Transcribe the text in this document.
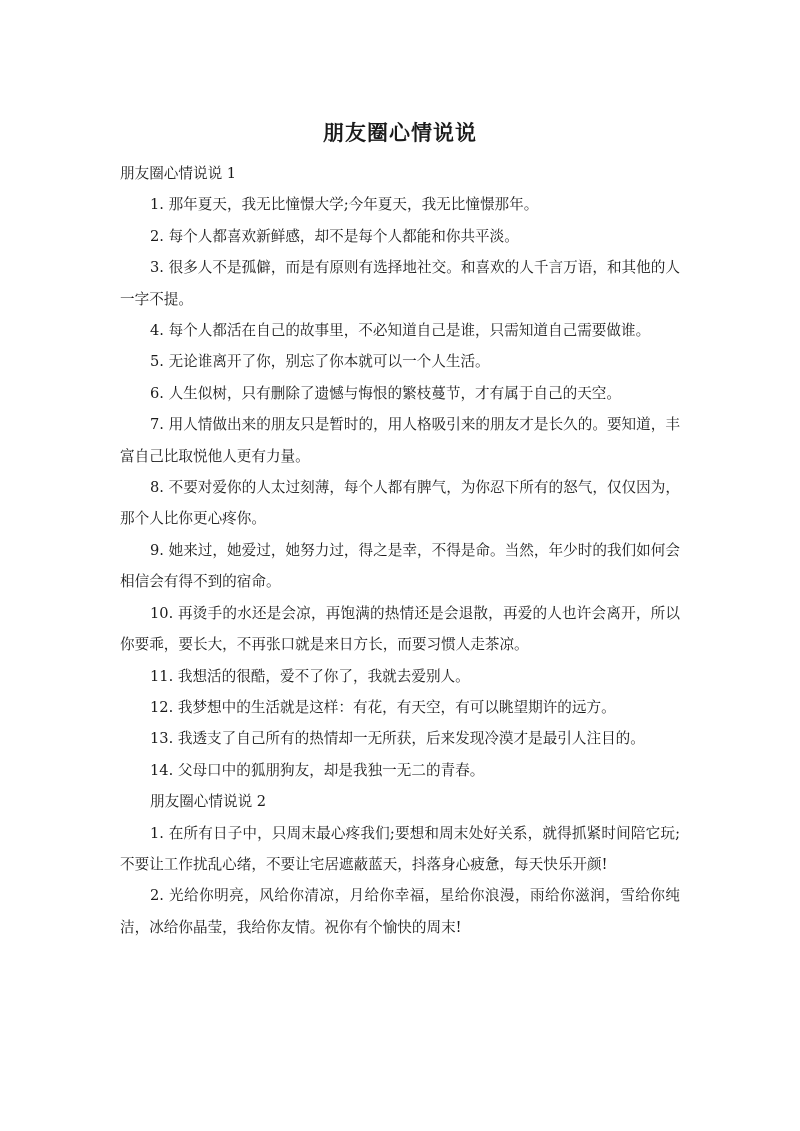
朋友圈心情说说

朋友圈心情说说 1

1. 那年夏天，我无比憧憬大学;今年夏天，我无比憧憬那年。

2. 每个人都喜欢新鲜感，却不是每个人都能和你共平淡。

3. 很多人不是孤僻，而是有原则有选择地社交。和喜欢的人千言万语，和其他的人一字不提。

4. 每个人都活在自己的故事里，不必知道自己是谁，只需知道自己需要做谁。

5. 无论谁离开了你，别忘了你本就可以一个人生活。

6. 人生似树，只有删除了遗憾与悔恨的繁枝蔓节，才有属于自己的天空。

7. 用人情做出来的朋友只是暂时的，用人格吸引来的朋友才是长久的。要知道，丰富自己比取悦他人更有力量。

8. 不要对爱你的人太过刻薄，每个人都有脾气，为你忍下所有的怒气，仅仅因为，那个人比你更心疼你。

9. 她来过，她爱过，她努力过，得之是幸，不得是命。当然，年少时的我们如何会相信会有得不到的宿命。

10. 再烫手的水还是会凉，再饱满的热情还是会退散，再爱的人也许会离开，所以你要乖，要长大，不再张口就是来日方长，而要习惯人走茶凉。

11. 我想活的很酷，爱不了你了，我就去爱别人。

12. 我梦想中的生活就是这样：有花，有天空，有可以眺望期许的远方。

13. 我透支了自己所有的热情却一无所获，后来发现冷漠才是最引人注目的。

14. 父母口中的狐朋狗友，却是我独一无二的青春。

朋友圈心情说说 2

1. 在所有日子中，只周末最心疼我们;要想和周末处好关系，就得抓紧时间陪它玩;不要让工作扰乱心绪，不要让宅居遮蔽蓝天，抖落身心疲惫，每天快乐开颜!

2. 光给你明亮，风给你清凉，月给你幸福，星给你浪漫，雨给你滋润，雪给你纯洁，冰给你晶莹，我给你友情。祝你有个愉快的周末!
